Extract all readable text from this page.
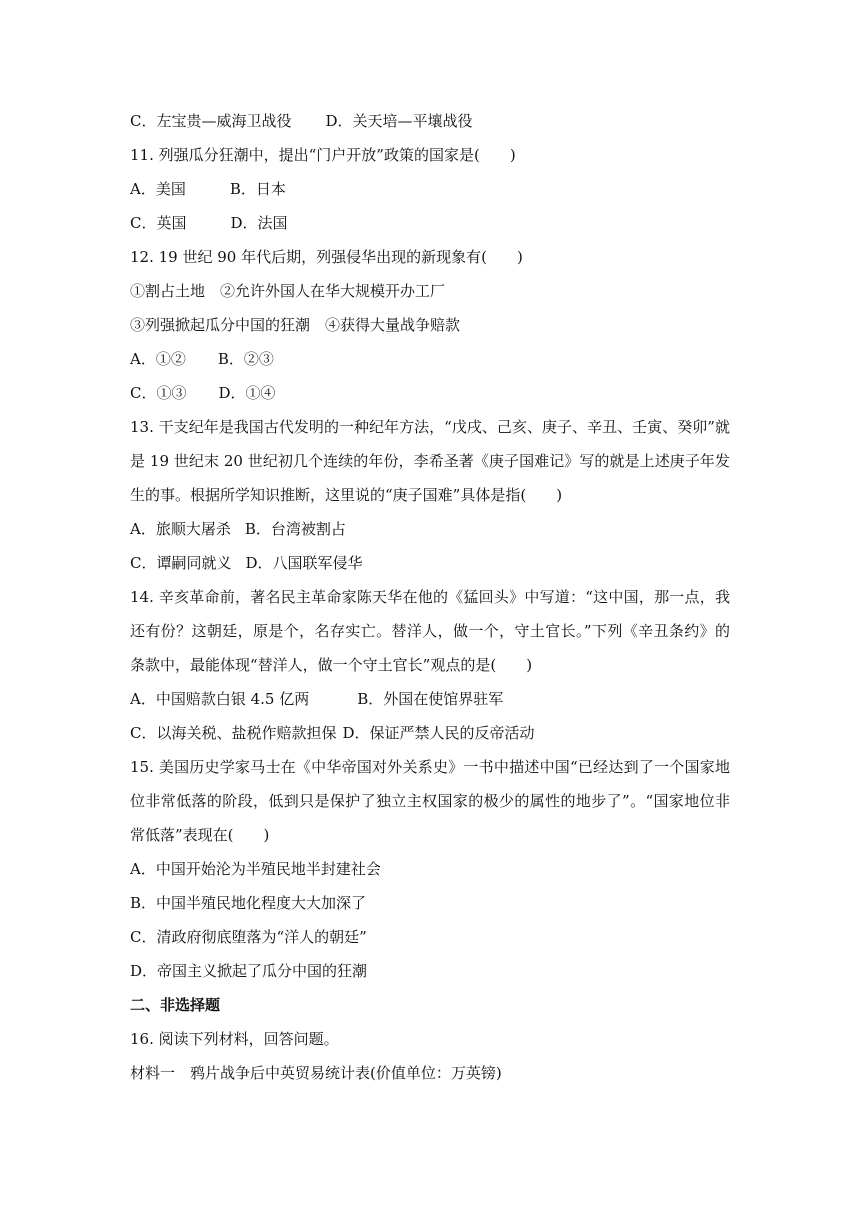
C．左宝贵—威海卫战役 D．关天培—平壤战役
11. 列强瓜分狂潮中，提出“门户开放”政策的国家是(　　)
A．美国	B．日本
C．英国	D．法国
12. 19 世纪 90 年代后期，列强侵华出现的新现象有(　　)
①割占土地　②允许外国人在华大规模开办工厂
③列强掀起瓜分中国的狂潮　④获得大量战争赔款
A．①② B．②③
C．①③ D．①④
13. 干支纪年是我国古代发明的一种纪年方法，“戊戌、己亥、庚子、辛丑、壬寅、癸卯”就是 19 世纪末 20 世纪初几个连续的年份，李希圣著《庚子国难记》写的就是上述庚子年发生的事。根据所学知识推断，这里说的“庚子国难”具体是指(　　)
A．旅顺大屠杀 B．台湾被割占
C．谭嗣同就义 D．八国联军侵华
14. 辛亥革命前，著名民主革命家陈天华在他的《猛回头》中写道：“这中国，那一点，我还有份？这朝廷，原是个，名存实亡。替洋人，做一个，守土官长。”下列《辛丑条约》的条款中，最能体现“替洋人，做一个守土官长”观点的是(　　)
A．中国赔款白银 4.5 亿两	B．外国在使馆界驻军
C．以海关税、盐税作赔款担保 D．保证严禁人民的反帝活动
15. 美国历史学家马士在《中华帝国对外关系史》一书中描述中国“已经达到了一个国家地位非常低落的阶段，低到只是保护了独立主权国家的极少的属性的地步了”。“国家地位非常低落”表现在(　　)
A．中国开始沦为半殖民地半封建社会
B．中国半殖民地化程度大大加深了
C．清政府彻底堕落为“洋人的朝廷”
D．帝国主义掀起了瓜分中国的狂潮
二、非选择题
16. 阅读下列材料，回答问题。
材料一　鸦片战争后中英贸易统计表(价值单位：万英镑)
